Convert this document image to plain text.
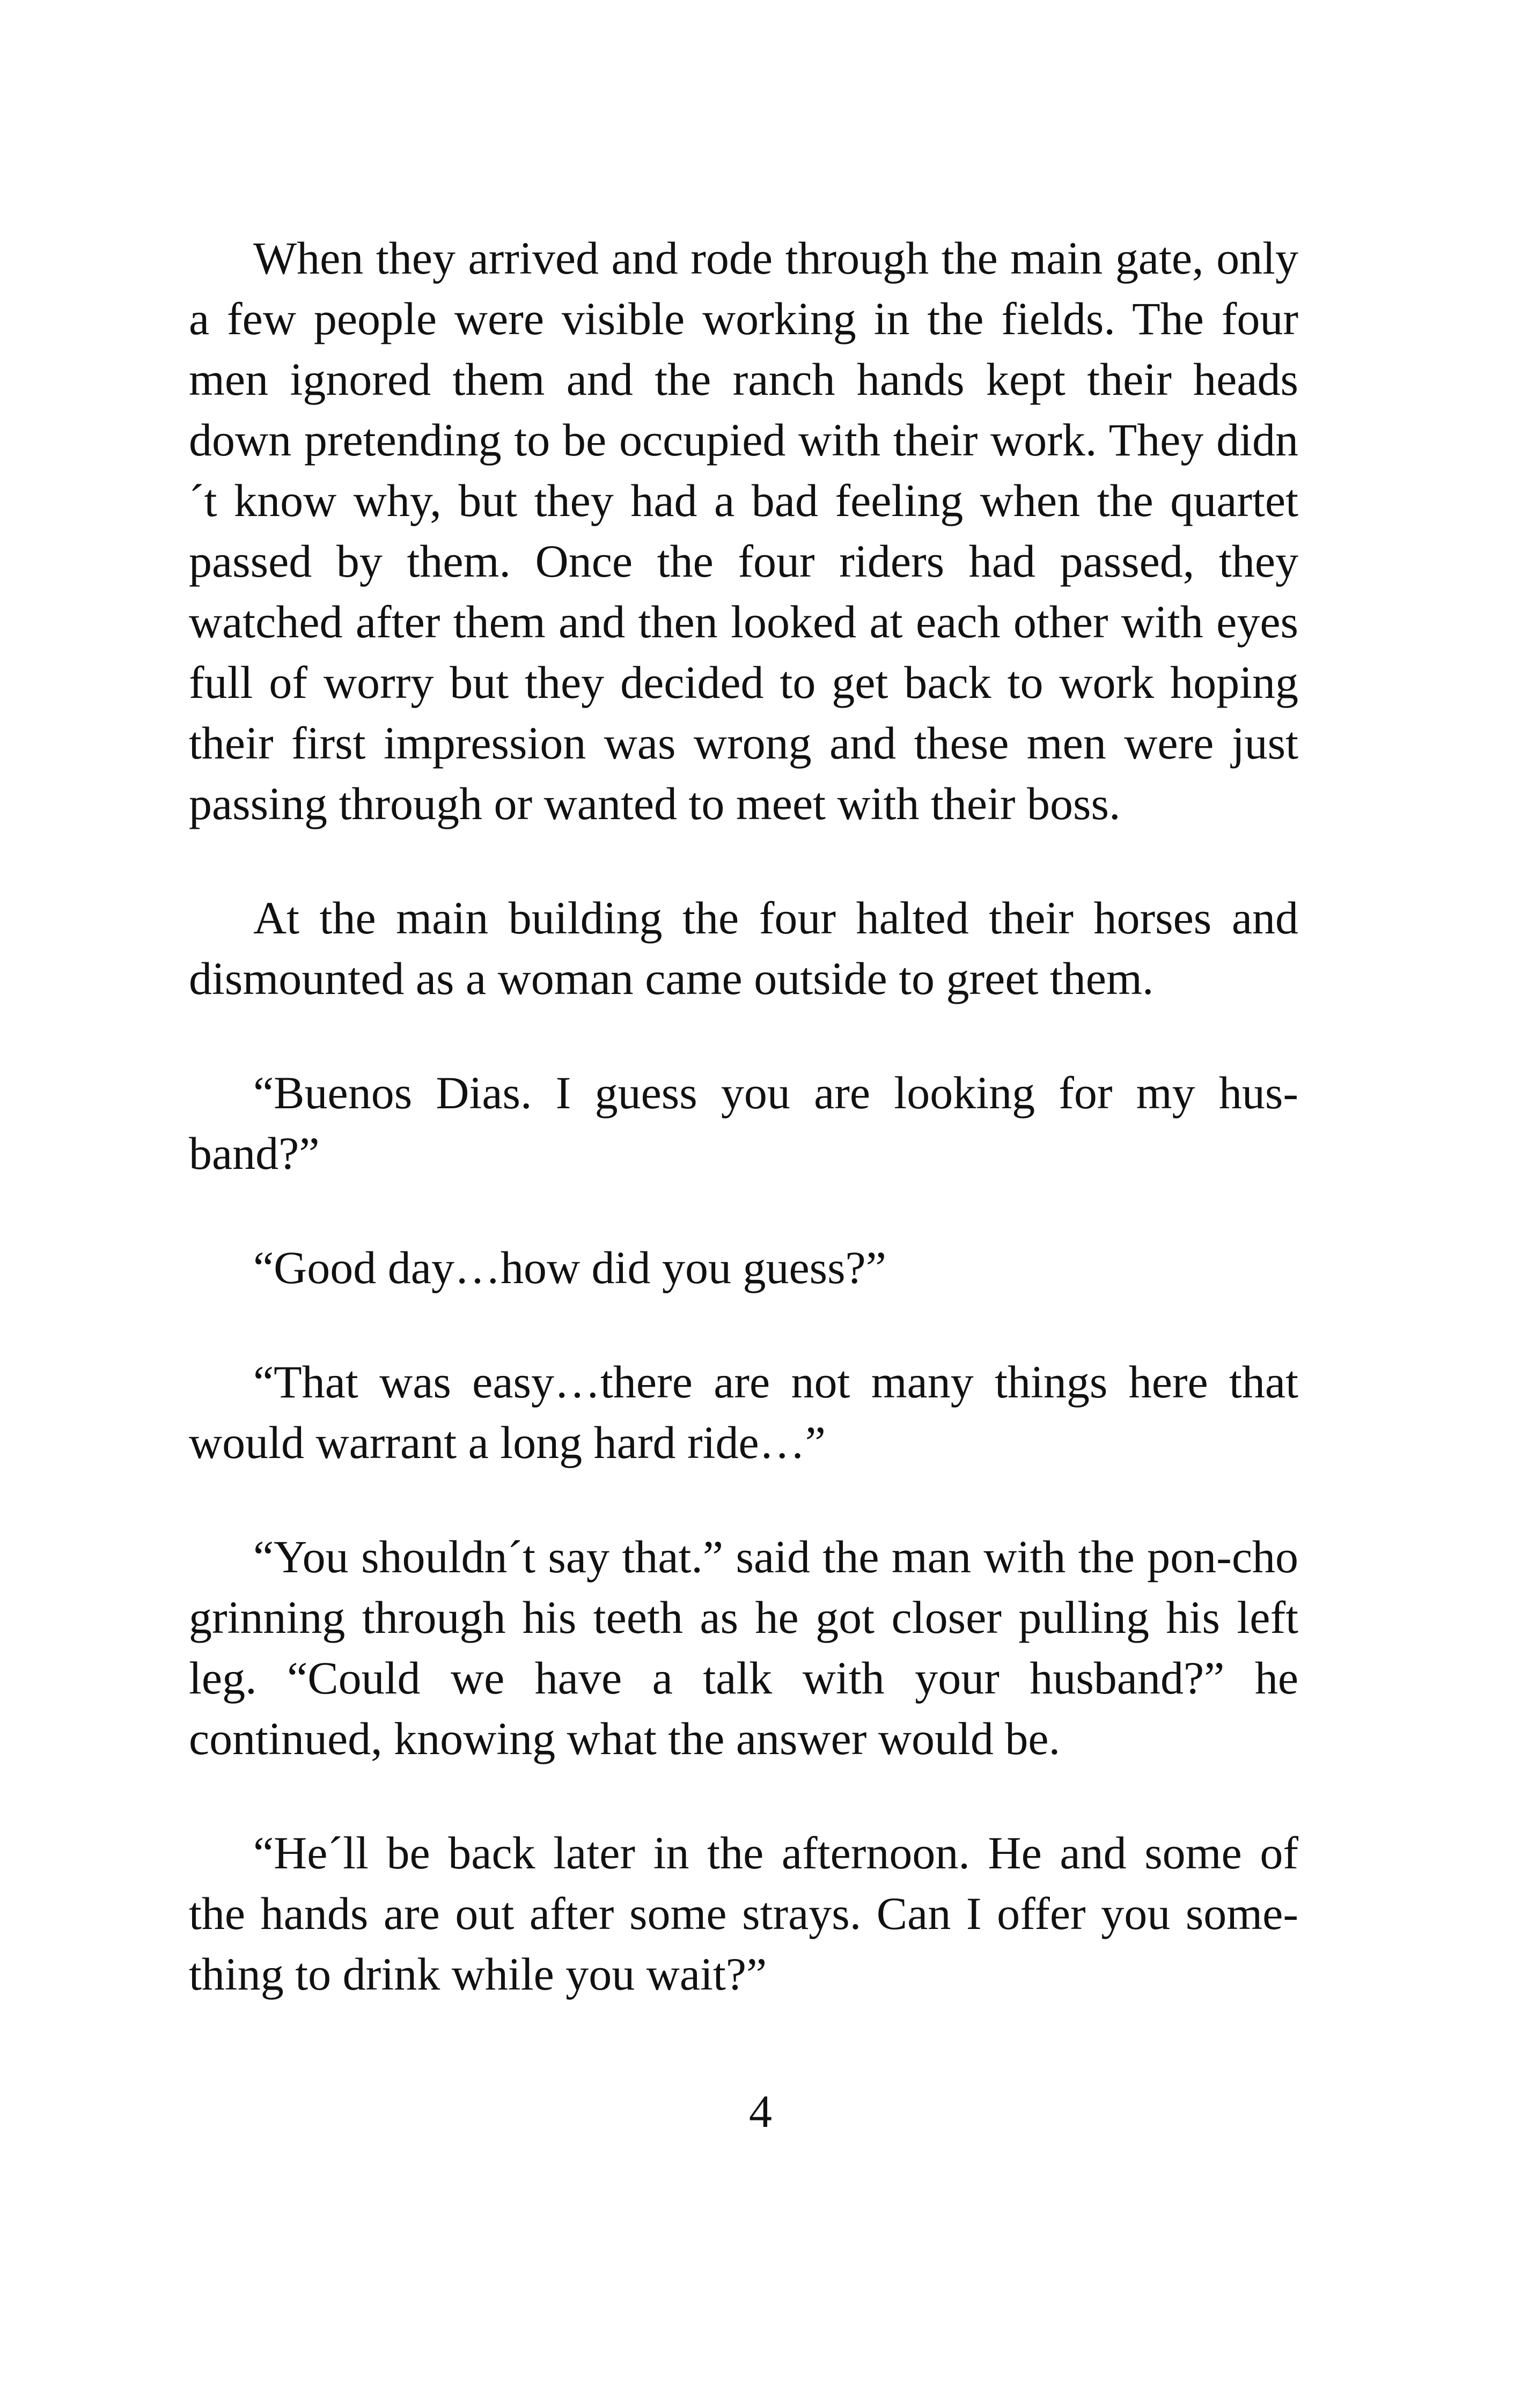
When they arrived and rode through the main gate, only a few people were visible working in the fields. The four men ignored them and the ranch hands kept their heads down pretending to be occupied with their work. They didn´t know why, but they had a bad feeling when the quartet passed by them. Once the four riders had passed, they watched after them and then looked at each other with eyes full of worry but they decided to get back to work hoping their first impression was wrong and these men were just passing through or wanted to meet with their boss.

At the main building the four halted their horses and dismounted as a woman came outside to greet them.

“Buenos Dias. I guess you are looking for my hus-band?”

“Good day…how did you guess?”

“That was easy…there are not many things here that would warrant a long hard ride…”

“You shouldn´t say that.” said the man with the pon-cho grinning through his teeth as he got closer pulling his left leg. “Could we have a talk with your husband?” he continued, knowing what the answer would be.

“He´ll be back later in the afternoon. He and some of the hands are out after some strays. Can I offer you some-thing to drink while you wait?”

4
